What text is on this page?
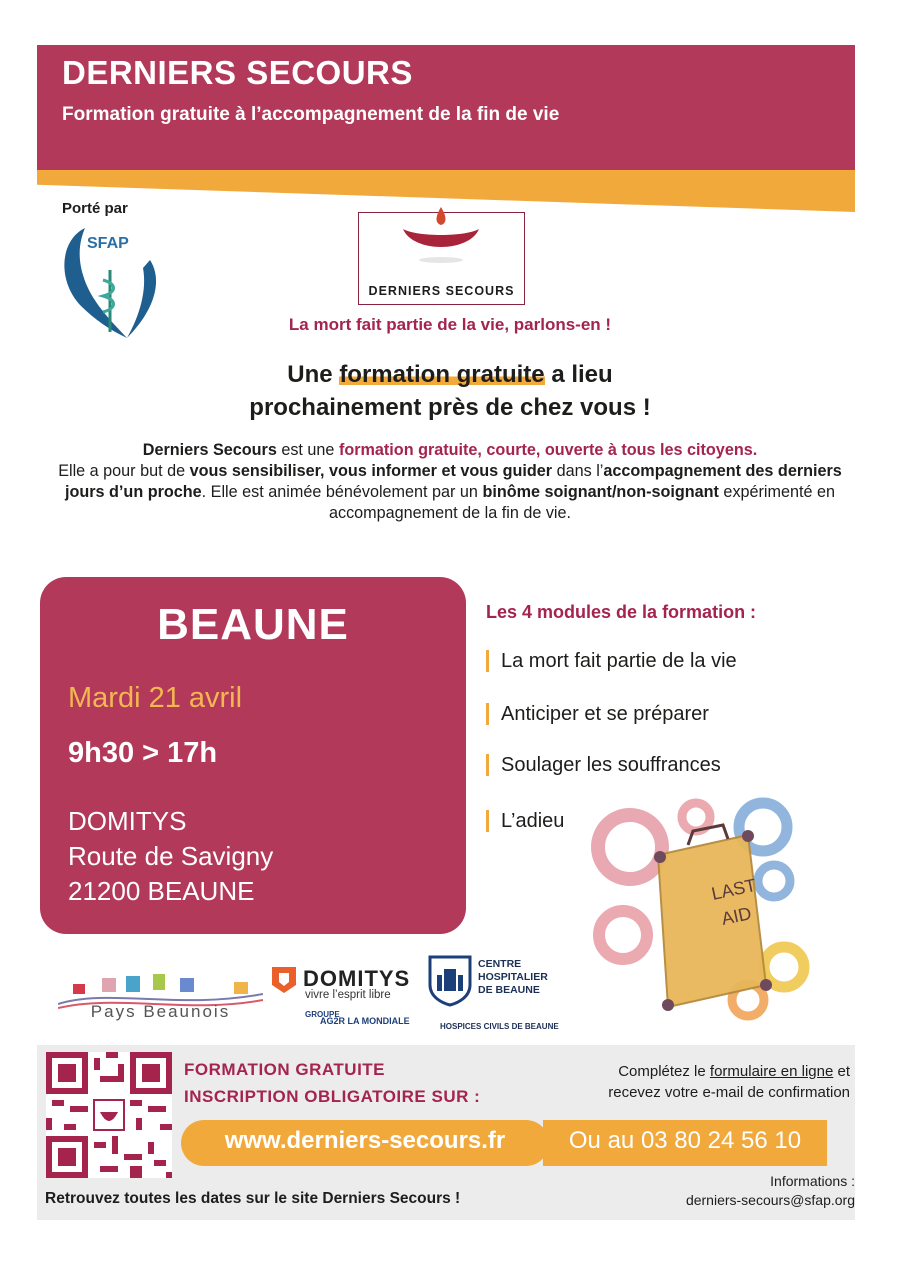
DERNIERS SECOURS
Formation gratuite à l’accompagnement de la fin de vie
Porté par
SFAP
DERNIERS SECOURS
La mort fait partie de la vie, parlons-en !
Une formation gratuite a lieu
prochainement près de chez vous !
Derniers Secours est une formation gratuite, courte, ouverte à tous les citoyens.
Elle a pour but de vous sensibiliser, vous informer et vous guider dans l’accompagnement des derniers jours d’un proche. Elle est animée bénévolement par un binôme soignant/non-soignant expérimenté en accompagnement de la fin de vie.
BEAUNE
Mardi 21 avril
9h30 > 17h
DOMITYS
Route de Savigny
21200 BEAUNE
Les 4 modules de la formation :
La mort fait partie de la vie
Anticiper et se préparer
Soulager les souffrances
L’adieu
LAST
AID
Pays Beaunois
DOMITYS
vivre l’esprit libre
GROUPE
AG2R LA MONDIALE
CENTRE
HOSPITALIER
DE BEAUNE
HOSPICES CIVILS DE BEAUNE
FORMATION GRATUITE
INSCRIPTION OBLIGATOIRE SUR :
Complétez le formulaire en ligne et
recevez votre e-mail de confirmation
Ou au 03 80 24 56 10
www.derniers-secours.fr
Informations :
derniers-secours@sfap.org
Retrouvez toutes les dates sur le site Derniers Secours !
